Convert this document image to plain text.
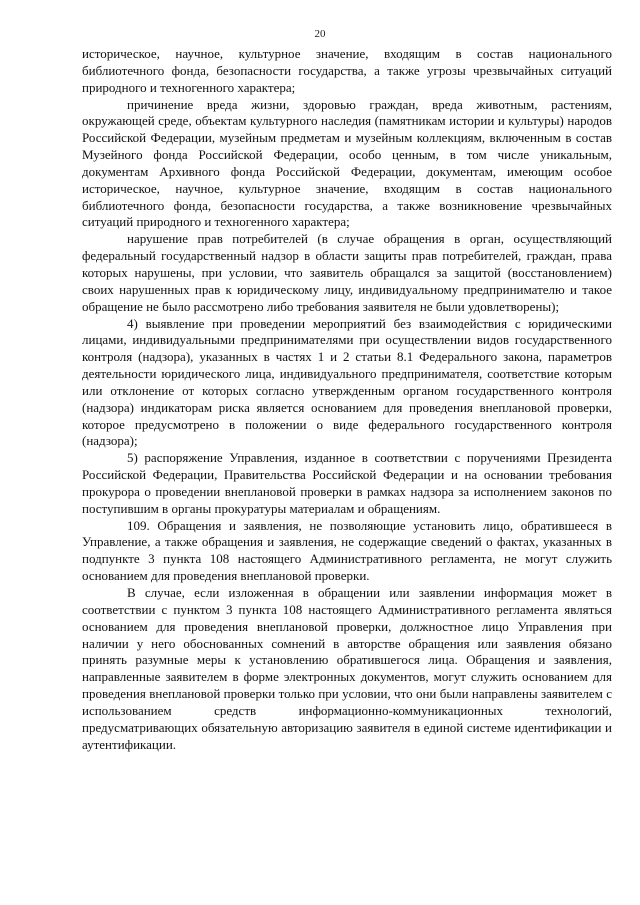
20

историческое, научное, культурное значение, входящим в состав национального библиотечного фонда, безопасности государства, а также угрозы чрезвычайных ситуаций природного и техногенного характера;

причинение вреда жизни, здоровью граждан, вреда животным, растениям, окружающей среде, объектам культурного наследия (памятникам истории и культуры) народов Российской Федерации, музейным предметам и музейным коллекциям, включенным в состав Музейного фонда Российской Федерации, особо ценным, в том числе уникальным, документам Архивного фонда Российской Федерации, документам, имеющим особое историческое, научное, культурное значение, входящим в состав национального библиотечного фонда, безопасности государства, а также возникновение чрезвычайных ситуаций природного и техногенного характера;

нарушение прав потребителей (в случае обращения в орган, осуществляющий федеральный государственный надзор в области защиты прав потребителей, граждан, права которых нарушены, при условии, что заявитель обращался за защитой (восстановлением) своих нарушенных прав к юридическому лицу, индивидуальному предпринимателю и такое обращение не было рассмотрено либо требования заявителя не были удовлетворены);

4) выявление при проведении мероприятий без взаимодействия с юридическими лицами, индивидуальными предпринимателями при осуществлении видов государственного контроля (надзора), указанных в частях 1 и 2 статьи 8.1 Федерального закона, параметров деятельности юридического лица, индивидуального предпринимателя, соответствие которым или отклонение от которых согласно утвержденным органом государственного контроля (надзора) индикаторам риска является основанием для проведения внеплановой проверки, которое предусмотрено в положении о виде федерального государственного контроля (надзора);

5) распоряжение Управления, изданное в соответствии с поручениями Президента Российской Федерации, Правительства Российской Федерации и на основании требования прокурора о проведении внеплановой проверки в рамках надзора за исполнением законов по поступившим в органы прокуратуры материалам и обращениям.

109. Обращения и заявления, не позволяющие установить лицо, обратившееся в Управление, а также обращения и заявления, не содержащие сведений о фактах, указанных в подпункте 3 пункта 108 настоящего Административного регламента, не могут служить основанием для проведения внеплановой проверки.

В случае, если изложенная в обращении или заявлении информация может в соответствии с пунктом 3 пункта 108 настоящего Административного регламента являться основанием для проведения внеплановой проверки, должностное лицо Управления при наличии у него обоснованных сомнений в авторстве обращения или заявления обязано принять разумные меры к установлению обратившегося лица. Обращения и заявления, направленные заявителем в форме электронных документов, могут служить основанием для проведения внеплановой проверки только при условии, что они были направлены заявителем с использованием средств информационно-коммуникационных технологий, предусматривающих обязательную авторизацию заявителя в единой системе идентификации и аутентификации.
